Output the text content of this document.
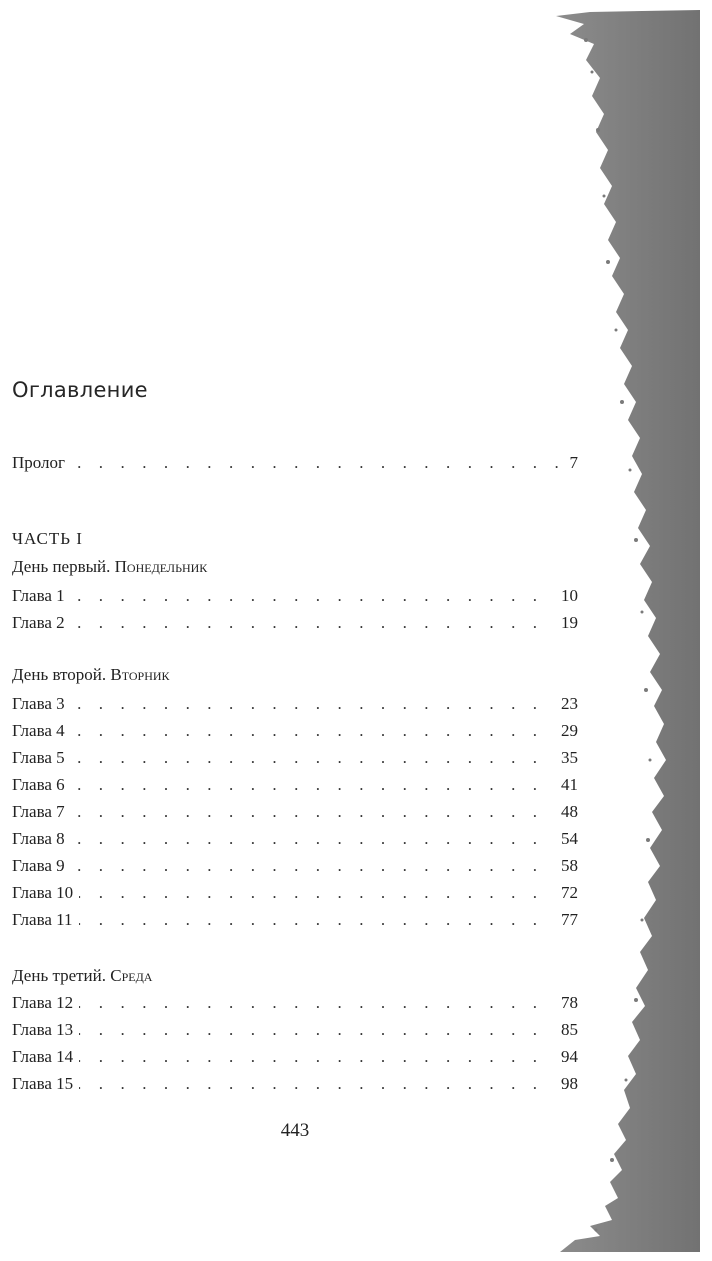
Оглавление
. . .
Пролог	7
ЧАСТЬ I
День первый. Понедельник
. . .
Глава 1	10
. . .
Глава 2	19
День второй. Вторник
. . .
Глава 3	23
. . .
Глава 4	29
. . .
Глава 5	35
. . .
Глава 6	41
. . .
Глава 7	48
. . .
Глава 8	54
. . .
Глава 9	58
. . .
Глава 10	72
. . .
Глава 11	77
День третий. Среда
. . .
Глава 12	78
. . .
Глава 13	85
. . .
Глава 14	94
. . .
Глава 15	98
443
